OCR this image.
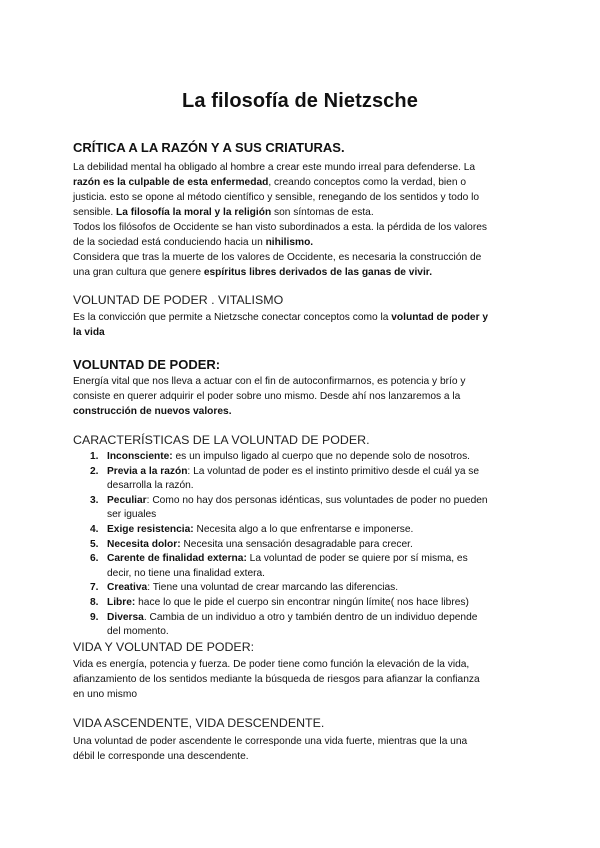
La filosofía de Nietzsche
CRÍTICA A LA RAZÓN Y A SUS CRIATURAS.
La debilidad mental ha obligado al hombre a crear este mundo irreal para defenderse. La
razón es la culpable de esta enfermedad, creando conceptos como la verdad, bien o
justicia. esto se opone al método científico y sensible, renegando de los sentidos y todo lo
sensible. La filosofía la moral y la religión son síntomas de esta.
Todos los filósofos de Occidente se han visto subordinados a esta. la pérdida de los valores
de la sociedad está conduciendo hacia un nihilismo.
Considera que tras la muerte de los valores de Occidente, es necesaria la construcción de
una gran cultura que genere espíritus libres derivados de las ganas de vivir.
VOLUNTAD DE PODER . VITALISMO
Es la convicción que permite a Nietzsche conectar conceptos como la voluntad de poder y
la vida
VOLUNTAD DE PODER:
Energía vital que nos lleva a actuar con el fin de autoconfirmarnos, es potencia y brío y
consiste en querer adquirir el poder sobre uno mismo. Desde ahí nos lanzaremos a la
construcción de nuevos valores.
CARACTERÍSTICAS DE LA VOLUNTAD DE PODER.
1. Inconsciente: es un impulso ligado al cuerpo que no depende solo de nosotros.
2. Previa a la razón: La voluntad de poder es el instinto primitivo desde el cuál ya se
desarrolla la razón.
3. Peculiar: Como no hay dos personas idénticas, sus voluntades de poder no pueden
ser iguales
4. Exige resistencia: Necesita algo a lo que enfrentarse e imponerse.
5. Necesita dolor: Necesita una sensación desagradable para crecer.
6. Carente de finalidad externa: La voluntad de poder se quiere por sí misma, es
decir, no tiene una finalidad extera.
7. Creativa: Tiene una voluntad de crear marcando las diferencias.
8. Libre: hace lo que le pide el cuerpo sin encontrar ningún límite( nos hace libres)
9. Diversa. Cambia de un individuo a otro y también dentro de un individuo depende
del momento.
VIDA Y VOLUNTAD DE PODER:
Vida es energía, potencia y fuerza. De poder tiene como función la elevación de la vida,
afianzamiento de los sentidos mediante la búsqueda de riesgos para afianzar la confianza
en uno mismo
VIDA ASCENDENTE, VIDA DESCENDENTE.
Una voluntad de poder ascendente le corresponde una vida fuerte, mientras que la una
débil le corresponde una descendente.
